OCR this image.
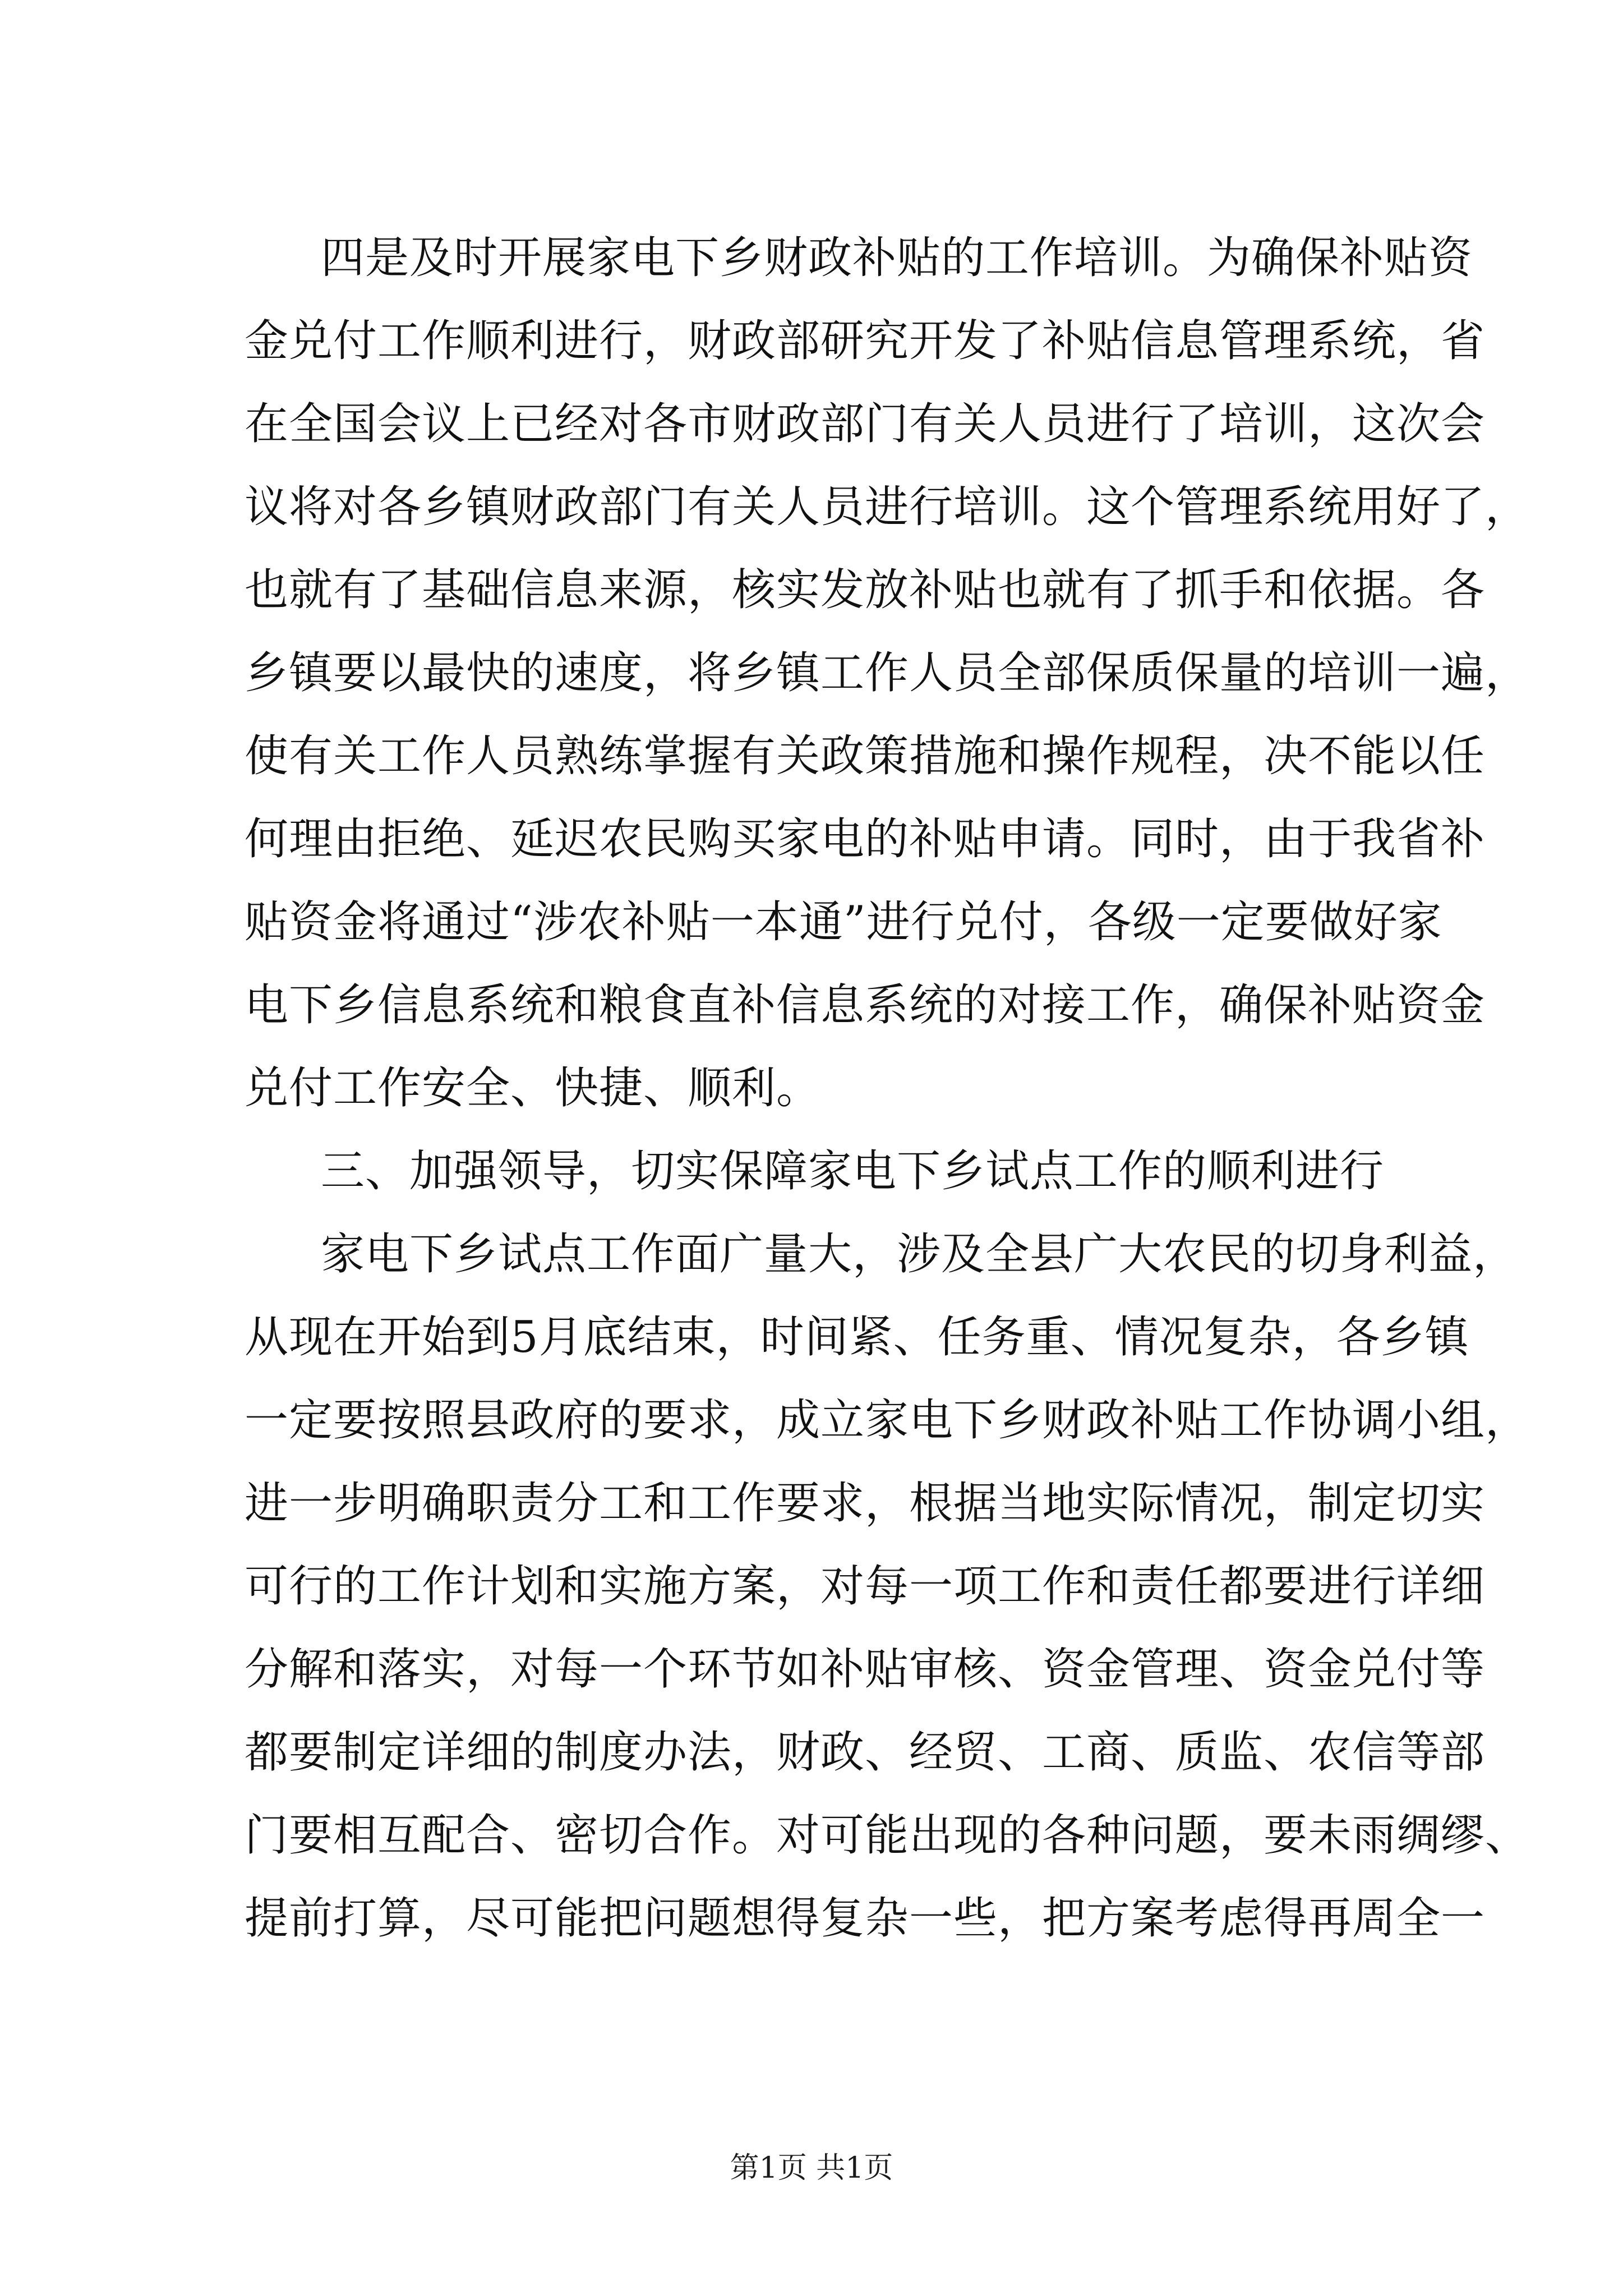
四是及时开展家电下乡财政补贴的工作培训。为确保补贴资
金兑付工作顺利进行，财政部研究开发了补贴信息管理系统，省
在全国会议上已经对各市财政部门有关人员进行了培训，这次会
议将对各乡镇财政部门有关人员进行培训。这个管理系统用好了，
也就有了基础信息来源，核实发放补贴也就有了抓手和依据。各
乡镇要以最快的速度，将乡镇工作人员全部保质保量的培训一遍，
使有关工作人员熟练掌握有关政策措施和操作规程，决不能以任
何理由拒绝、延迟农民购买家电的补贴申请。同时，由于我省补
贴资金将通过“涉农补贴一本通”进行兑付，各级一定要做好家
电下乡信息系统和粮食直补信息系统的对接工作，确保补贴资金
兑付工作安全、快捷、顺利。
三、加强领导，切实保障家电下乡试点工作的顺利进行
家电下乡试点工作面广量大，涉及全县广大农民的切身利益，
从现在开始到5月底结束，时间紧、任务重、情况复杂，各乡镇
一定要按照县政府的要求，成立家电下乡财政补贴工作协调小组，
进一步明确职责分工和工作要求，根据当地实际情况，制定切实
可行的工作计划和实施方案，对每一项工作和责任都要进行详细
分解和落实，对每一个环节如补贴审核、资金管理、资金兑付等
都要制定详细的制度办法，财政、经贸、工商、质监、农信等部
门要相互配合、密切合作。对可能出现的各种问题，要未雨绸缪、
提前打算，尽可能把问题想得复杂一些，把方案考虑得再周全一
第1页 共1页
